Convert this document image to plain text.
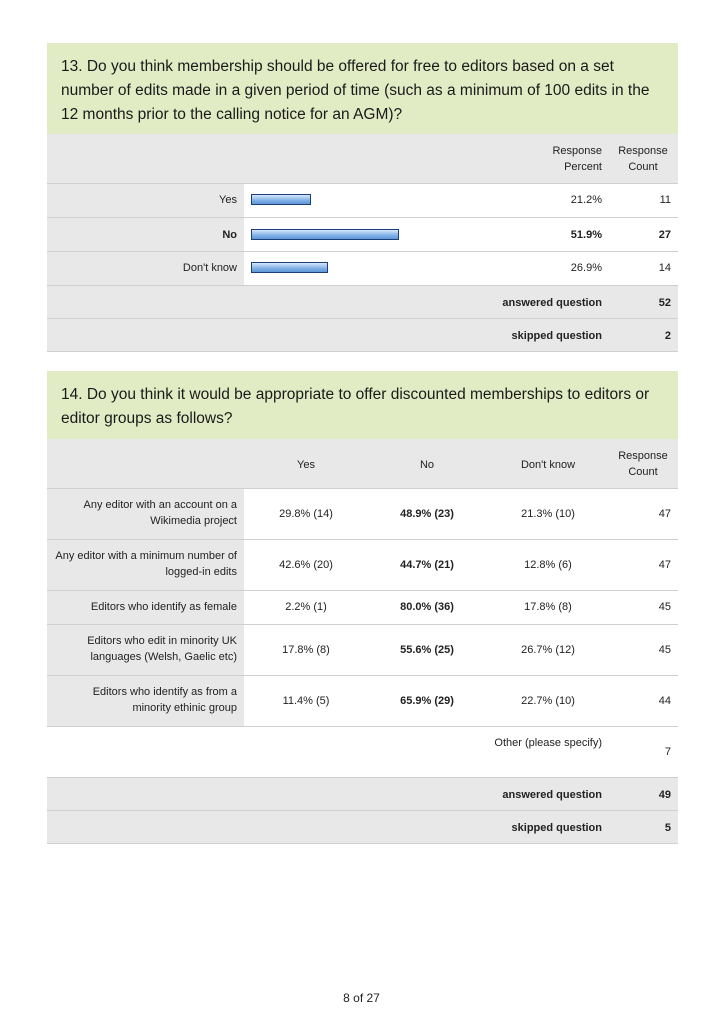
13. Do you think membership should be offered for free to editors based on a set number of edits made in a given period of time (such as a minimum of 100 edits in the 12 months prior to the calling notice for an AGM)?
Response Percent
Response Count
Yes	21.2%	11
No	51.9%	27
Don't know	26.9%	14
answered question	52
skipped question	2
14. Do you think it would be appropriate to offer discounted memberships to editors or editor groups as follows?
Yes	No	Don't know
Response Count
Any editor with an account on a Wikimedia project
29.8% (14)	48.9% (23)	21.3% (10)	47
Any editor with a minimum number of logged-in edits
42.6% (20)	44.7% (21)	12.8% (6)	47
Editors who identify as female	2.2% (1)	80.0% (36)	17.8% (8)	45
Editors who edit in minority UK languages (Welsh, Gaelic etc)
17.8% (8)	55.6% (25)	26.7% (12)	45
Editors who identify as from a minority ethinic group
11.4% (5)	65.9% (29)	22.7% (10)	44
Other (please specify)
7
answered question	49
skipped question	5
8 of 27
